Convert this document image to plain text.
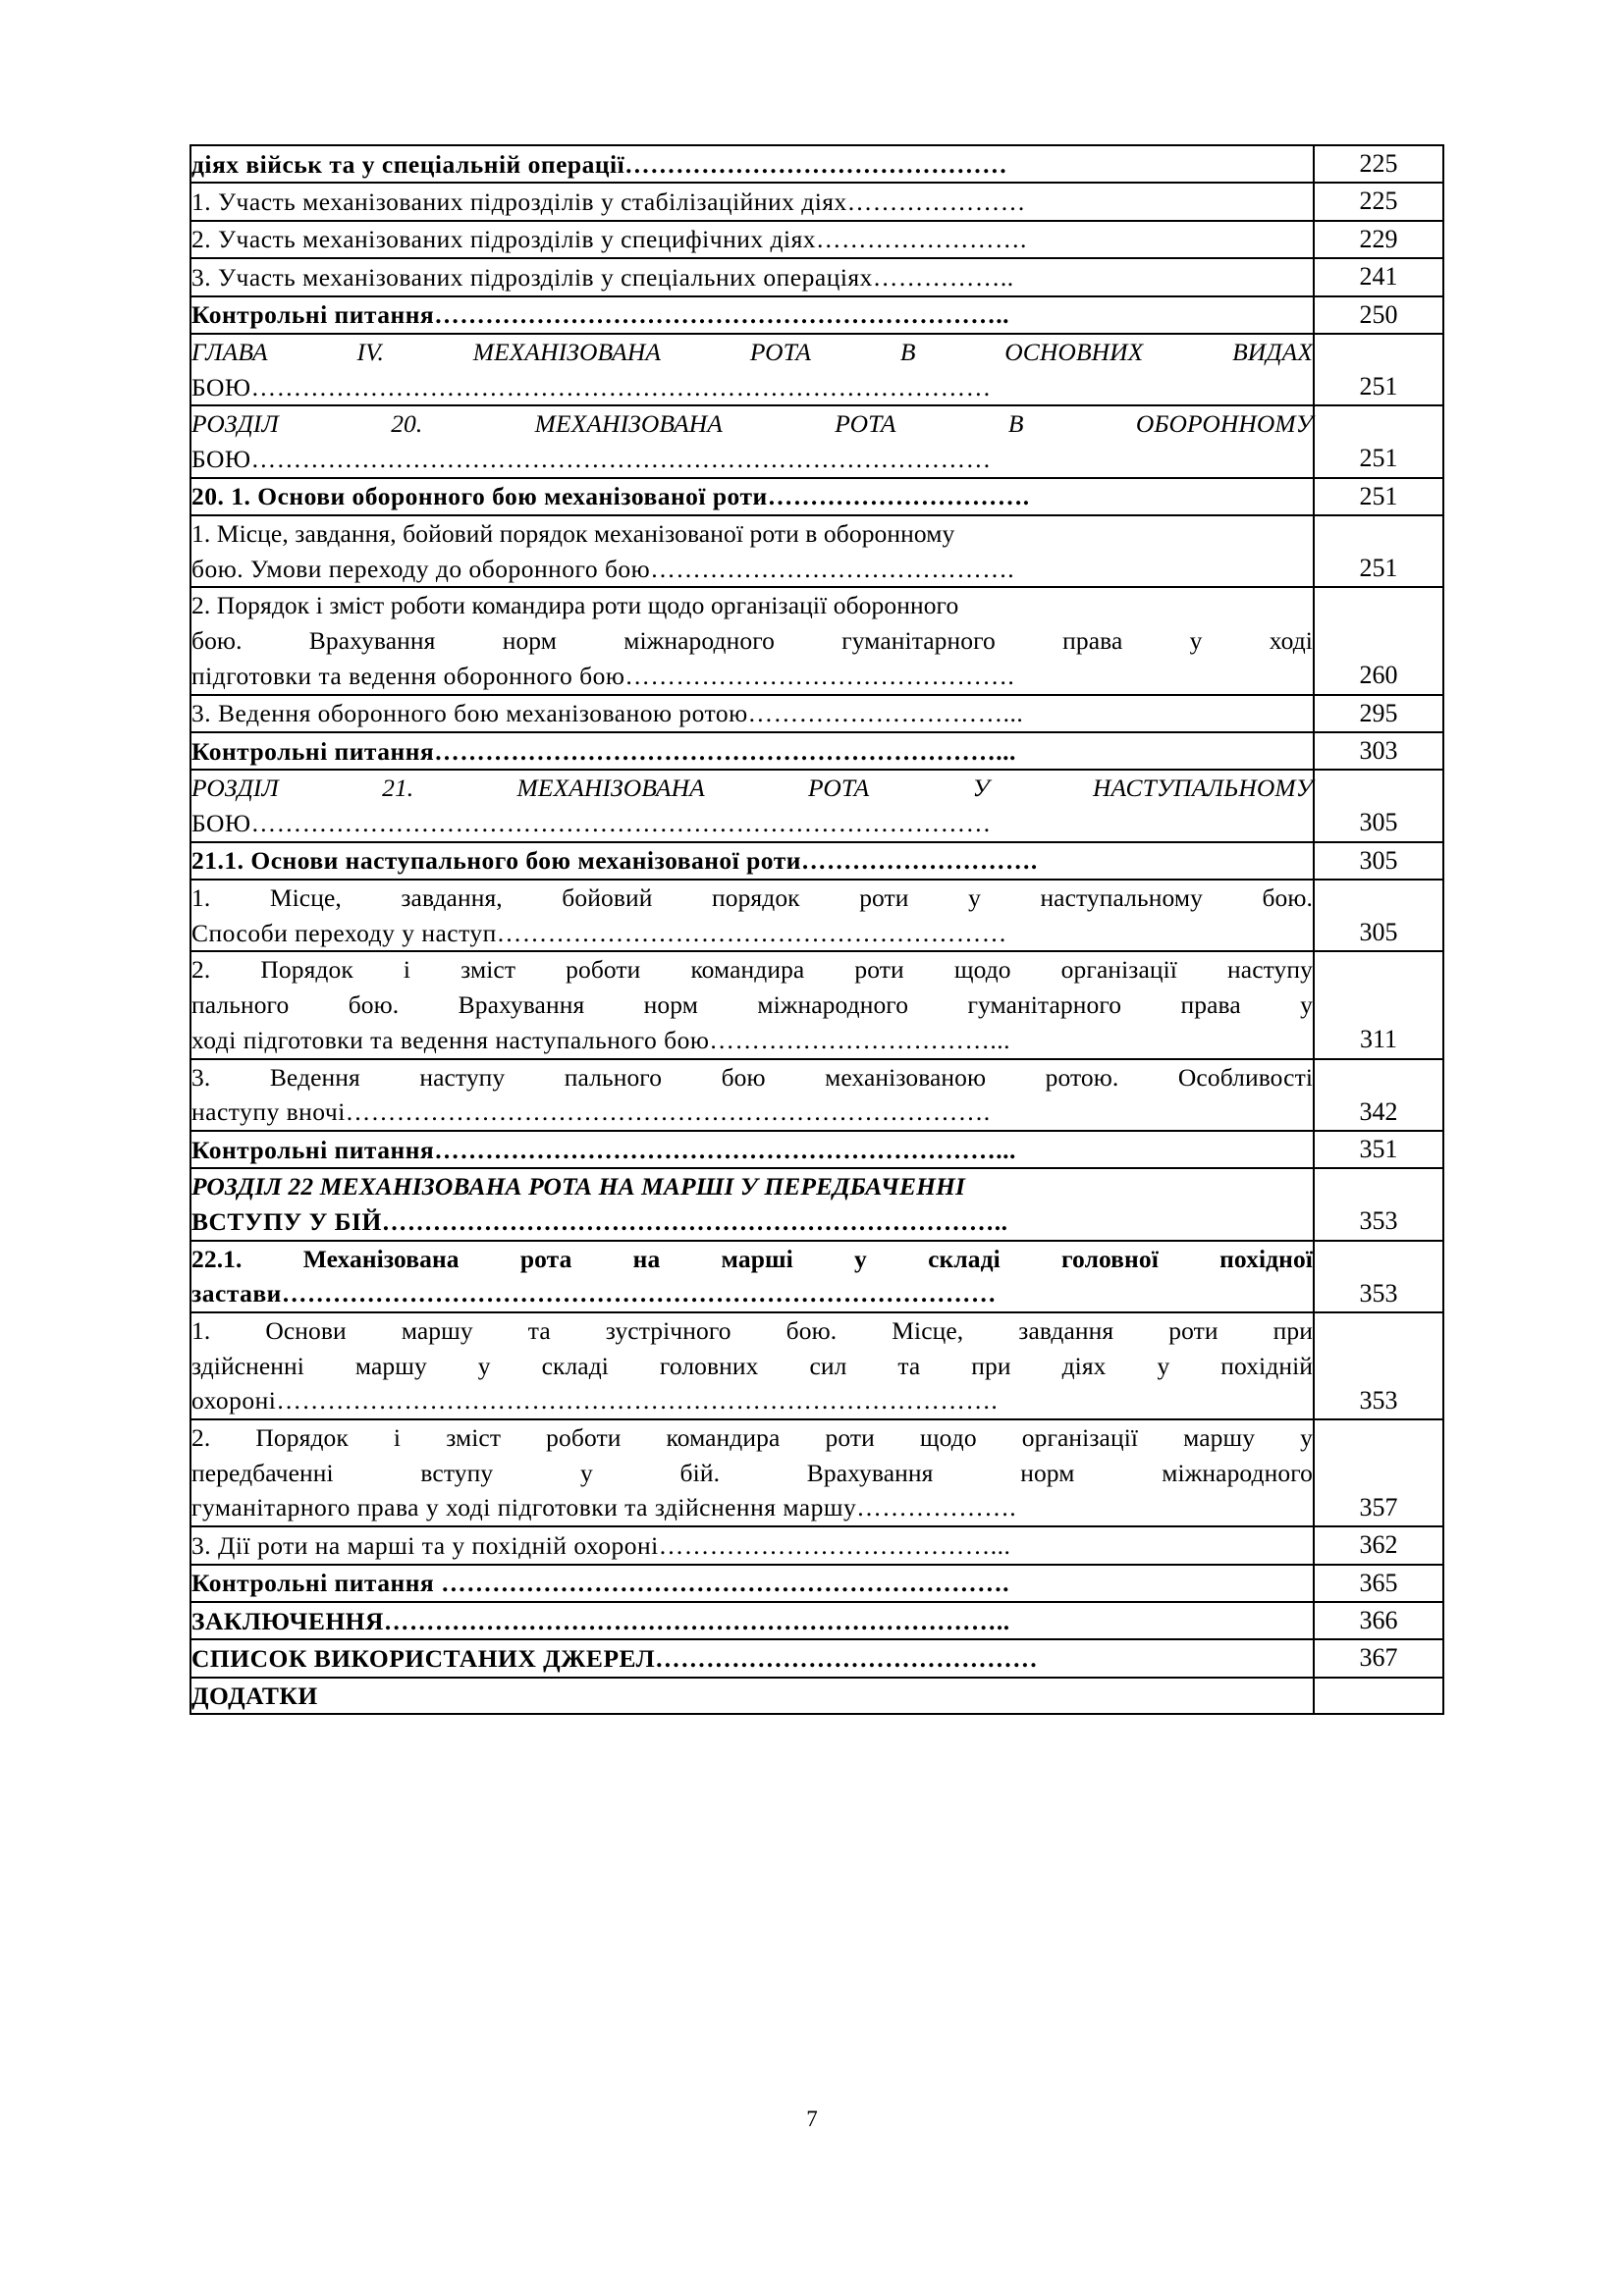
діях військ та у спеціальній операції………………………………………	225
1. Участь механізованих підрозділів у стабілізаційних діях…………………	225
2. Участь механізованих підрозділів у специфічних діях…………………….	229
3. Участь механізованих підрозділів у спеціальних операціях……………..	241
Контрольні питання…………………………………………………………..	250

ГЛАВА IV. МЕХАНІЗОВАНА РОТА В ОСНОВНИХ ВИДАХ
БОЮ……………………………………………………………………………	251

РОЗДІЛ 20. МЕХАНІЗОВАНА РОТА В ОБОРОННОМУ
БОЮ……………………………………………………………………………	251
20. 1. Основи оборонного бою механізованої роти………………………….	251

1. Місце, завдання, бойовий порядок механізованої роти в оборонному
бою. Умови переходу до оборонного бою…………………………………….	251

2. Порядок і зміст роботи командира роти щодо організації оборонного
бою. Врахування норм міжнародного гуманітарного права у ході
підготовки та ведення оборонного бою……………………………………….	260
3. Ведення оборонного бою механізованою ротою…………………………...	295
Контрольні питання…………………………………………………………...	303

РОЗДІЛ 21. МЕХАНІЗОВАНА РОТА У НАСТУПАЛЬНОМУ
БОЮ……………………………………………………………………………	305
21.1. Основи наступального бою механізованої роти……………………….	305

1. Місце, завдання, бойовий порядок роти у наступальному бою.
Способи переходу у наступ……………………………………………………	305

2. Порядок і зміст роботи командира роти щодо організації наступу
пального бою. Врахування норм міжнародного гуманітарного права у
ході підготовки та ведення наступального бою……………………………...	311

3. Ведення наступу пального бою механізованою ротою. Особливості
наступу вночі………………………………………………………………….	342
Контрольні питання…………………………………………………………...	351

РОЗДІЛ 22 МЕХАНІЗОВАНА РОТА НА МАРШІ У ПЕРЕДБАЧЕННІ
ВСТУПУ У БІЙ………………………………………………………………..	353

22.1. Механізована рота на марші у складі головної похідної
застави…………………………………………………………………………	353

1. Основи маршу та зустрічного бою. Місце, завдання роти при
здійсненні маршу у складі головних сил та при діях у похідній
охороні………………………………………………………………………….	353

2. Порядок і зміст роботи командира роти щодо організації маршу у
передбаченні вступу у бій. Врахування норм міжнародного
гуманітарного права у ході підготовки та здійснення маршу……………….	357
3. Дії роти на марші та у похідній охороні…………………………………...	362
Контрольні питання ………………………………………………………….	365
ЗАКЛЮЧЕННЯ………………………………………………………………..	366
СПИСОК ВИКОРИСТАНИХ ДЖЕРЕЛ………………………………………	367
ДОДАТКИ	
7
